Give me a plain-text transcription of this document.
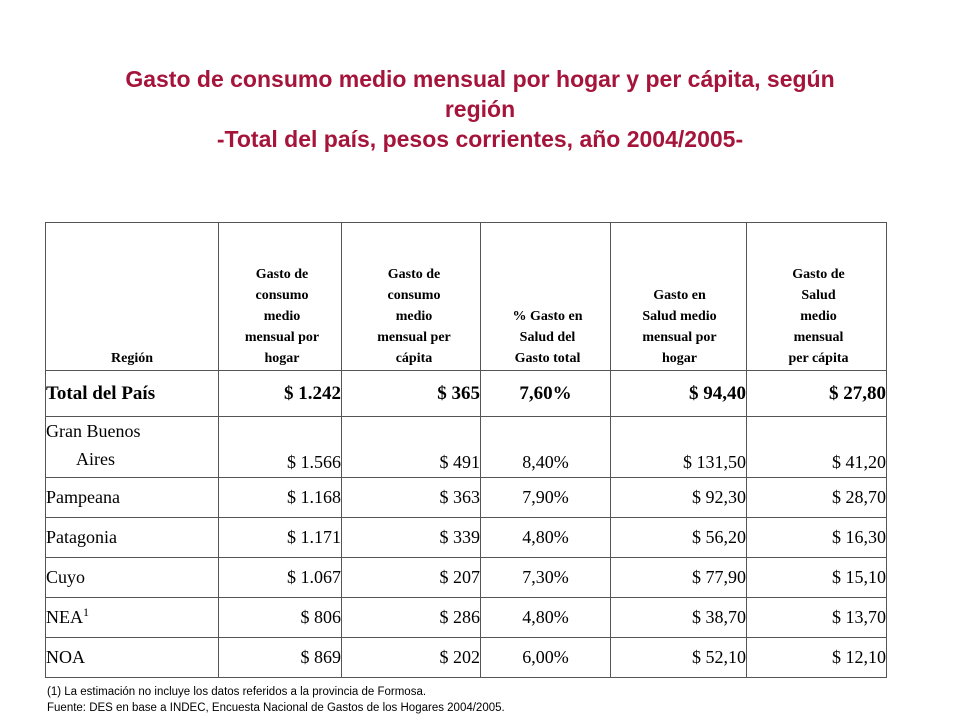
Gasto de consumo medio mensual por hogar y per cápita, según
región
-Total del país, pesos corrientes, año 2004/2005-
Región	Gasto de consumo medio mensual por hogar	Gasto de consumo medio mensual per cápita	% Gasto en Salud del Gasto total	Gasto en Salud medio mensual por hogar	Gasto de Salud medio mensual per cápita

Total del País	$ 1.242	$ 365	7,60%	$ 94,40	$ 27,80

Gran Buenos
Aires	$ 1.566	$ 491	8,40%	$ 131,50	$ 41,20
Pampeana	$ 1.168	$ 363	7,90%	$ 92,30	$ 28,70
Patagonia	$ 1.171	$ 339	4,80%	$ 56,20	$ 16,30
Cuyo	$ 1.067	$ 207	7,30%	$ 77,90	$ 15,10
NEA$^1$	$ 806	$ 286	4,80%	$ 38,70	$ 13,70
NOA	$ 869	$ 202	6,00%	$ 52,10	$ 12,10
(1) La estimación no incluye los datos referidos a la provincia de Formosa.
Fuente: DES en base a INDEC, Encuesta Nacional de Gastos de los Hogares 2004/2005.
